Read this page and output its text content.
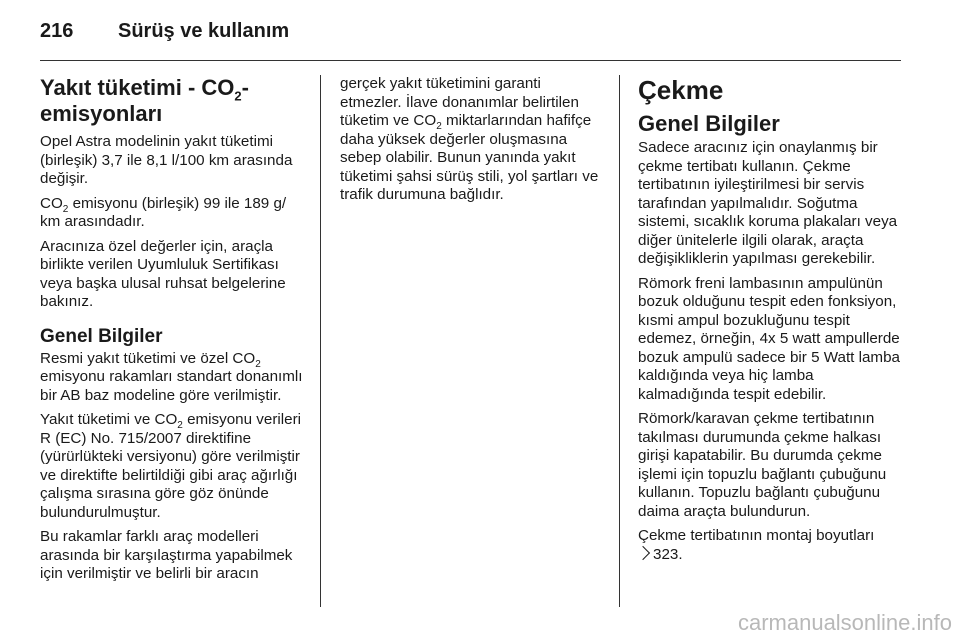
216 Sürüş ve kullanım
Yakıt tüketimi - $CO_2-$
emisyonları

Opel Astra modelinin yakıt tüketimi (birleşik) 3,7 ile 8,1 l/100 km arasında değişir.

$CO_2$ emisyonu (birleşik) 99 ile 189 g/ km arasındadır.

Aracınıza özel değerler için, araçla birlikte verilen Uyumluluk Sertifikası veya başka ulusal ruhsat belgelerine bakınız.

Genel Bilgiler

Resmi yakıt tüketimi ve özel $CO_2$ emisyonu rakamları standart donanımlı bir AB baz modeline göre verilmiştir.

Yakıt tüketimi ve $CO_2$ emisyonu verileri R (EC) No. 715/2007 direktifine (yürürlükteki versiyonu) göre verilmiştir ve direktifte belirtildiği gibi araç ağırlığı çalışma sırasına göre göz önünde bulundurulmuştur.

Bu rakamlar farklı araç modelleri arasında bir karşılaştırma yapabilmek için verilmiştir ve belirli bir aracın

gerçek yakıt tüketimini garanti etmezler. İlave donanımlar belirtilen tüketim ve $CO_2$ miktarlarından hafifçe daha yüksek değerler oluşmasına sebep olabilir. Bunun yanında yakıt tüketimi şahsi sürüş stili, yol şartları ve trafik durumuna bağlıdır.

Çekme
Genel Bilgiler

Sadece aracınız için onaylanmış bir çekme tertibatı kullanın. Çekme tertibatının iyileştirilmesi bir servis tarafından yapılmalıdır. Soğutma sistemi, sıcaklık koruma plakaları veya diğer ünitelerle ilgili olarak, araçta değişikliklerin yapılması gerekebilir.

Römork freni lambasının ampulünün bozuk olduğunu tespit eden fonksiyon, kısmi ampul bozukluğunu tespit edemez, örneğin, 4x 5 watt ampullerde bozuk ampulü sadece bir 5 Watt lamba kaldığında veya hiç lamba kalmadığında tespit edebilir.

Römork/karavan çekme tertibatının takılması durumunda çekme halkası girişi kapatabilir. Bu durumda çekme işlemi için topuzlu bağlantı çubuğunu kullanın. Topuzlu bağlantı çubuğunu daima araçta bulundurun.

Çekme tertibatının montaj boyutları
323.

carmanualsonline.info
